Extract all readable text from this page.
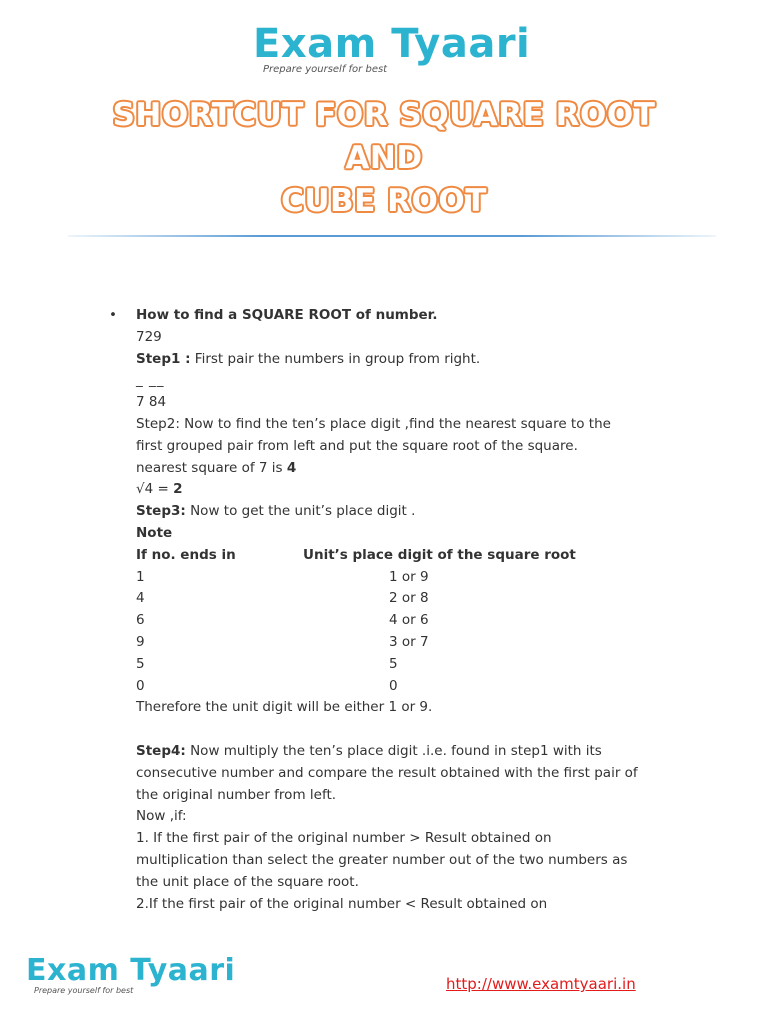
Exam Tyaari
Prepare yourself for best
SHORTCUT FOR SQUARE ROOT
AND
CUBE ROOT
• How to find a SQUARE ROOT of number.
729
Step1 : First pair the numbers in group from right.
_ __
7 84
Step2: Now to find the ten’s place digit ,find the nearest square to the
first grouped pair from left and put the square root of the square.
nearest square of 7 is 4
√4 = 2
Step3: Now to get the unit’s place digit .
Note
If no. ends in	Unit’s place digit of the square root
1	1 or 9
4	2 or 8
6	4 or 6
9	3 or 7
5	5
0	0
Therefore the unit digit will be either 1 or 9.
Step4: Now multiply the ten’s place digit .i.e. found in step1 with its
consecutive number and compare the result obtained with the first pair of
the original number from left.
Now ,if:
1. If the first pair of the original number > Result obtained on
multiplication than select the greater number out of the two numbers as
the unit place of the square root.
2.If the first pair of the original number < Result obtained on
Exam Tyaari
Prepare yourself for best	http://www.examtyaari.in
